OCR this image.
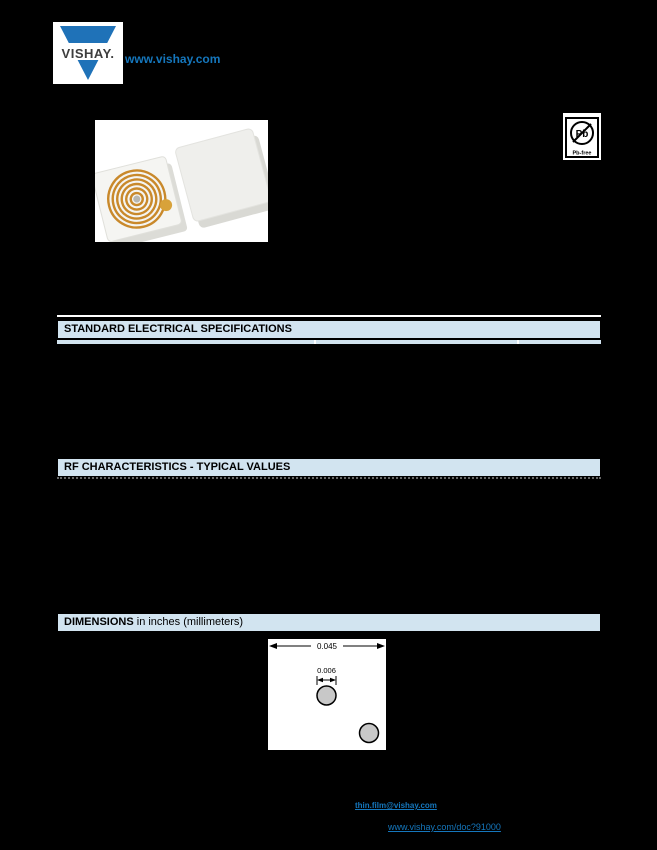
VISHAY. www.vishay.com
Pb
Pb-free
STANDARD ELECTRICAL SPECIFICATIONS
RF CHARACTERISTICS - TYPICAL VALUES
DIMENSIONS in inches (millimeters)
0.045
0.006
thin.film@vishay.com
www.vishay.com/doc?91000
